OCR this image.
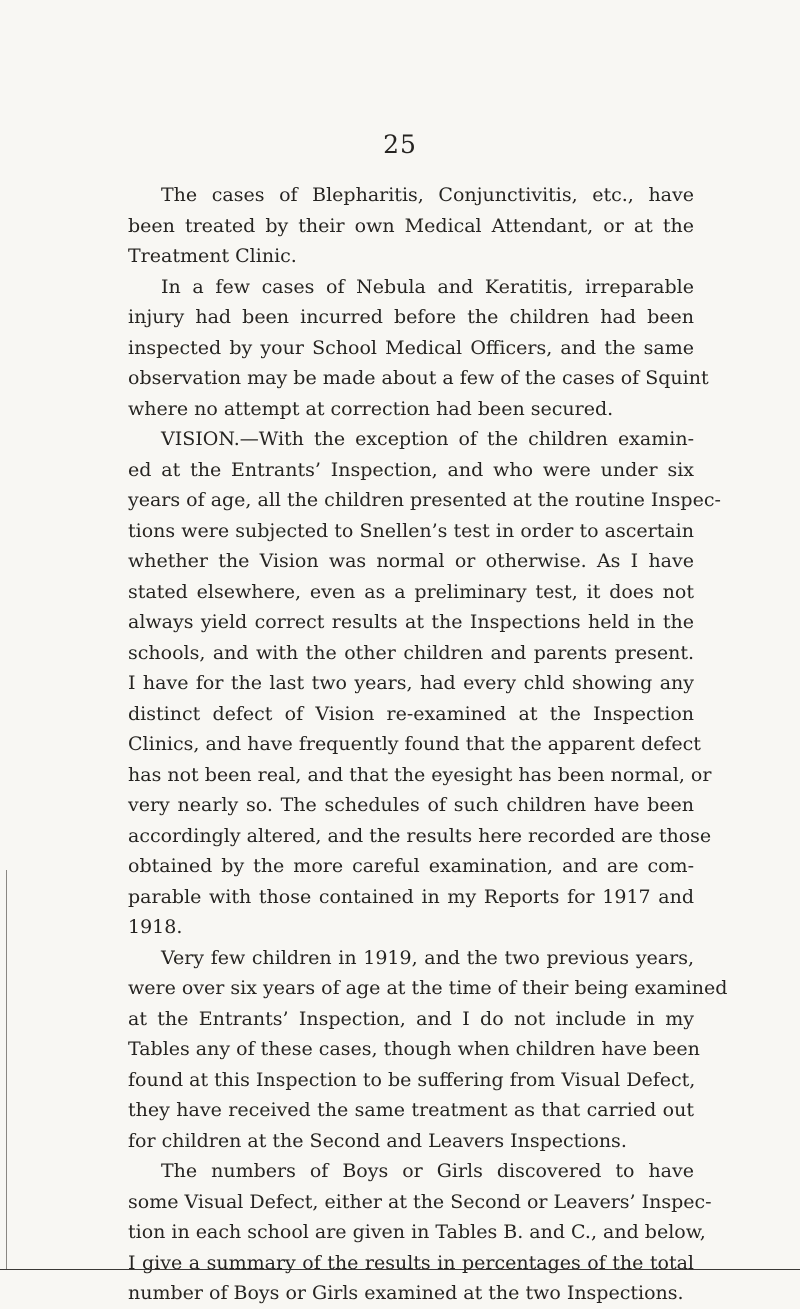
25
The cases of Blepharitis, Conjunctivitis, etc., have
been treated by their own Medical Attendant, or at the
Treatment Clinic.
In a few cases of Nebula and Keratitis, irreparable
injury had been incurred before the children had been
inspected by your School Medical Officers, and the same
observation may be made about a few of the cases of Squint
where no attempt at correction had been secured.
VISION.—With the exception of the children examin-
ed at the Entrants’ Inspection, and who were under six
years of age, all the children presented at the routine Inspec-
tions were subjected to Snellen’s test in order to ascertain
whether the Vision was normal or otherwise. As I have
stated elsewhere, even as a preliminary test, it does not
always yield correct results at the Inspections held in the
schools, and with the other children and parents present.
I have for the last two years, had every chld showing any
distinct defect of Vision re-examined at the Inspection
Clinics, and have frequently found that the apparent defect
has not been real, and that the eyesight has been normal, or
very nearly so. The schedules of such children have been
accordingly altered, and the results here recorded are those
obtained by the more careful examination, and are com-
parable with those contained in my Reports for 1917 and
1918.
Very few children in 1919, and the two previous years,
were over six years of age at the time of their being examined
at the Entrants’ Inspection, and I do not include in my
Tables any of these cases, though when children have been
found at this Inspection to be suffering from Visual Defect,
they have received the same treatment as that carried out
for children at the Second and Leavers Inspections.
The numbers of Boys or Girls discovered to have
some Visual Defect, either at the Second or Leavers’ Inspec-
tion in each school are given in Tables B. and C., and below,
I give a summary of the results in percentages of the total
number of Boys or Girls examined at the two Inspections.
